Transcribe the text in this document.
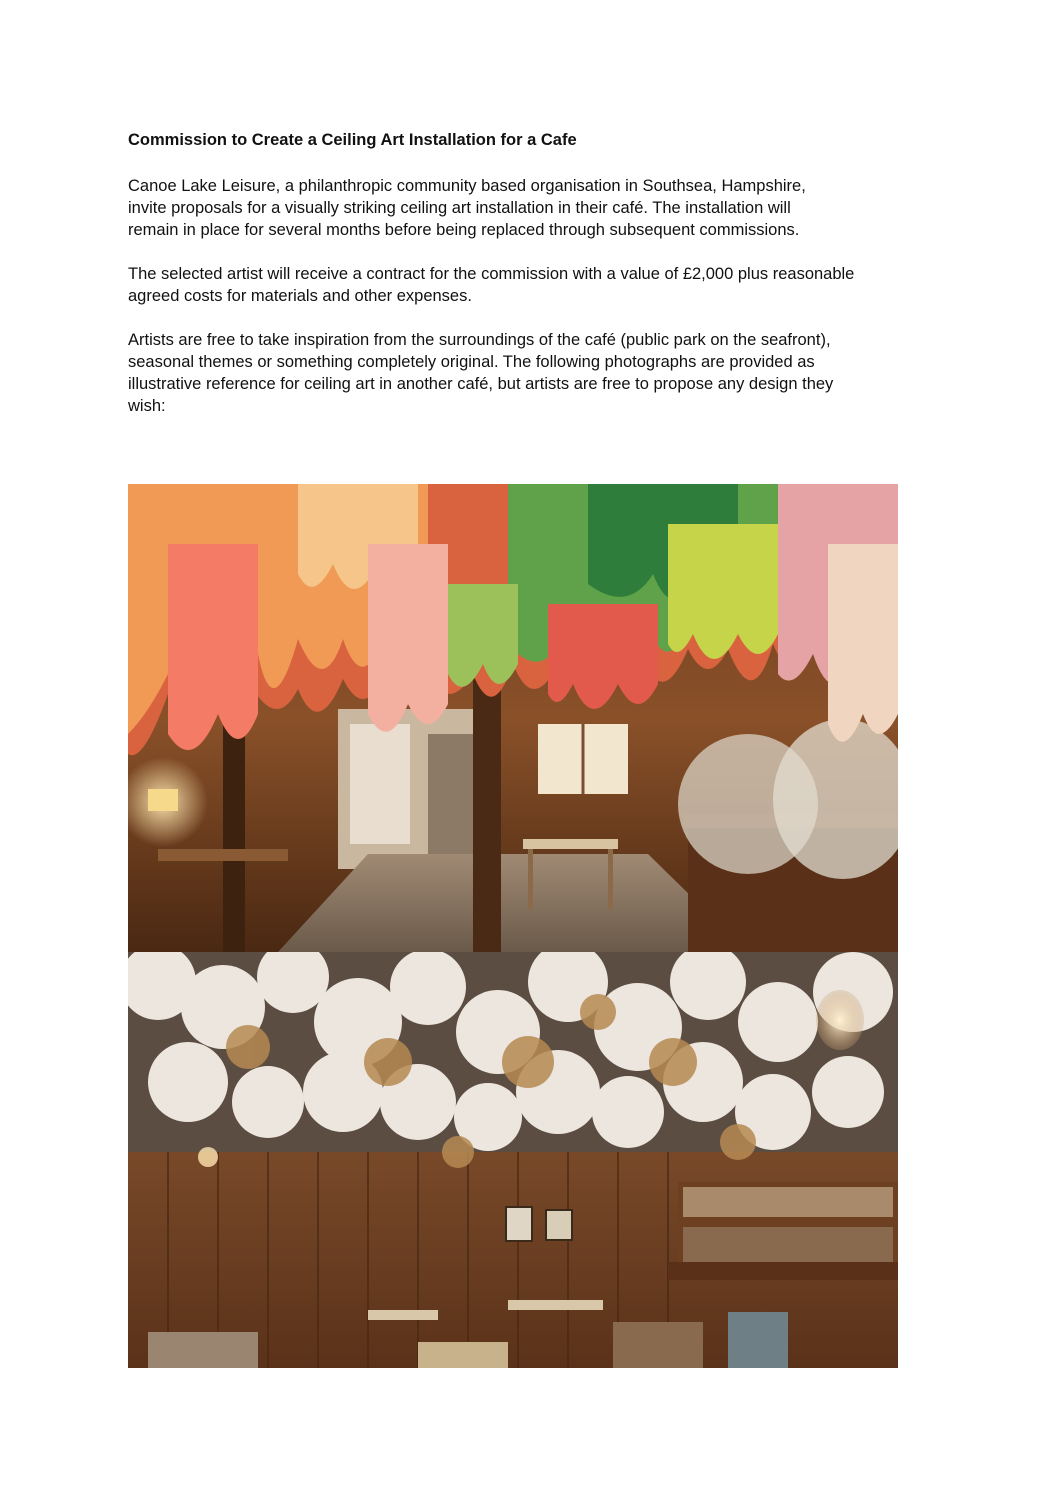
Commission to Create a Ceiling Art Installation for a Cafe
Canoe Lake Leisure, a philanthropic community based organisation in Southsea, Hampshire,
invite proposals for a visually striking ceiling art installation in their café. The installation will
remain in place for several months before being replaced through subsequent commissions.
The selected artist will receive a contract for the commission with a value of £2,000 plus reasonable
agreed costs for materials and other expenses.
Artists are free to take inspiration from the surroundings of the café (public park on the seafront),
seasonal themes or something completely original. The following photographs are provided as
illustrative reference for ceiling art in another café, but artists are free to propose any design they
wish:
